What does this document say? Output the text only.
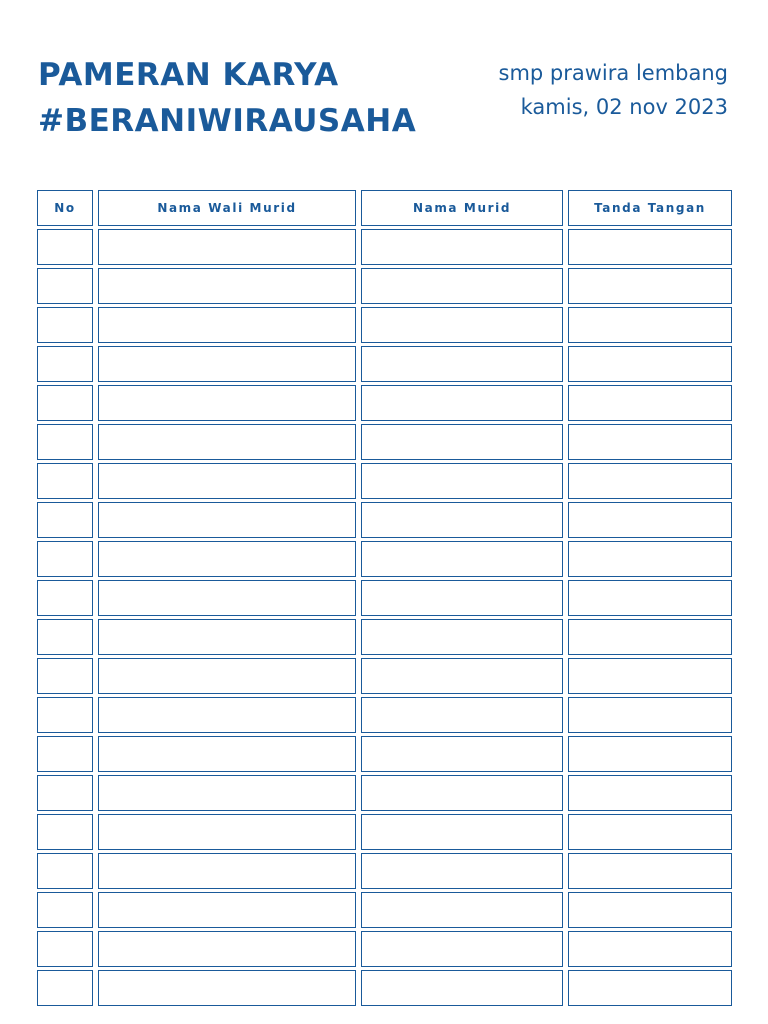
PAMERAN KARYA
#BERANIWIRAUSAHA
smp prawira lembang
kamis, 02 nov 2023
No	Nama Wali Murid	Nama Murid	Tanda Tangan
